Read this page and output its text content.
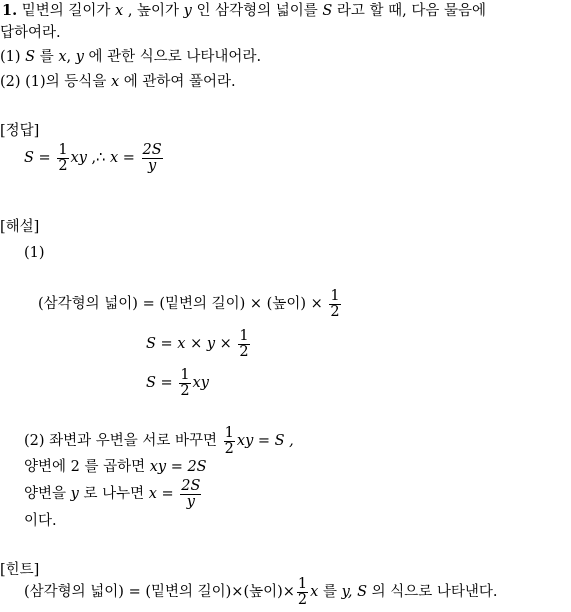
1. 밑변의 길이가 x , 높이가 y 인 삼각형의 넓이를 S 라고 할 때, 다음 물음에
답하여라.
(1) S 를 x, y 에 관한 식으로 나타내어라.
(2) (1)의 등식을 x 에 관하여 풀어라.
[정답]
$S = \frac{1}{2}$ xy ,∴ $x = \frac{2S}{y}$
[해설]
(1)
(삼각형의 넓이) = (밑변의 길이) × (높이) × $\frac{1}{2}$
$S = x \times y \times \frac{1}{2}$
$S = \frac{1}{2}$ xy
(2) 좌변과 우변을 서로 바꾸면 $\frac{1}{2}$ xy = S ,
양변에 2 를 곱하면 xy = 2S
양변을 y 로 나누면 $x = \frac{2S}{y}$
이다.
[힌트]
(삼각형의 넓이) = (밑변의 길이)×(높이)× $\frac{1}{2}$ x 를 y, S 의 식으로 나타낸다.
